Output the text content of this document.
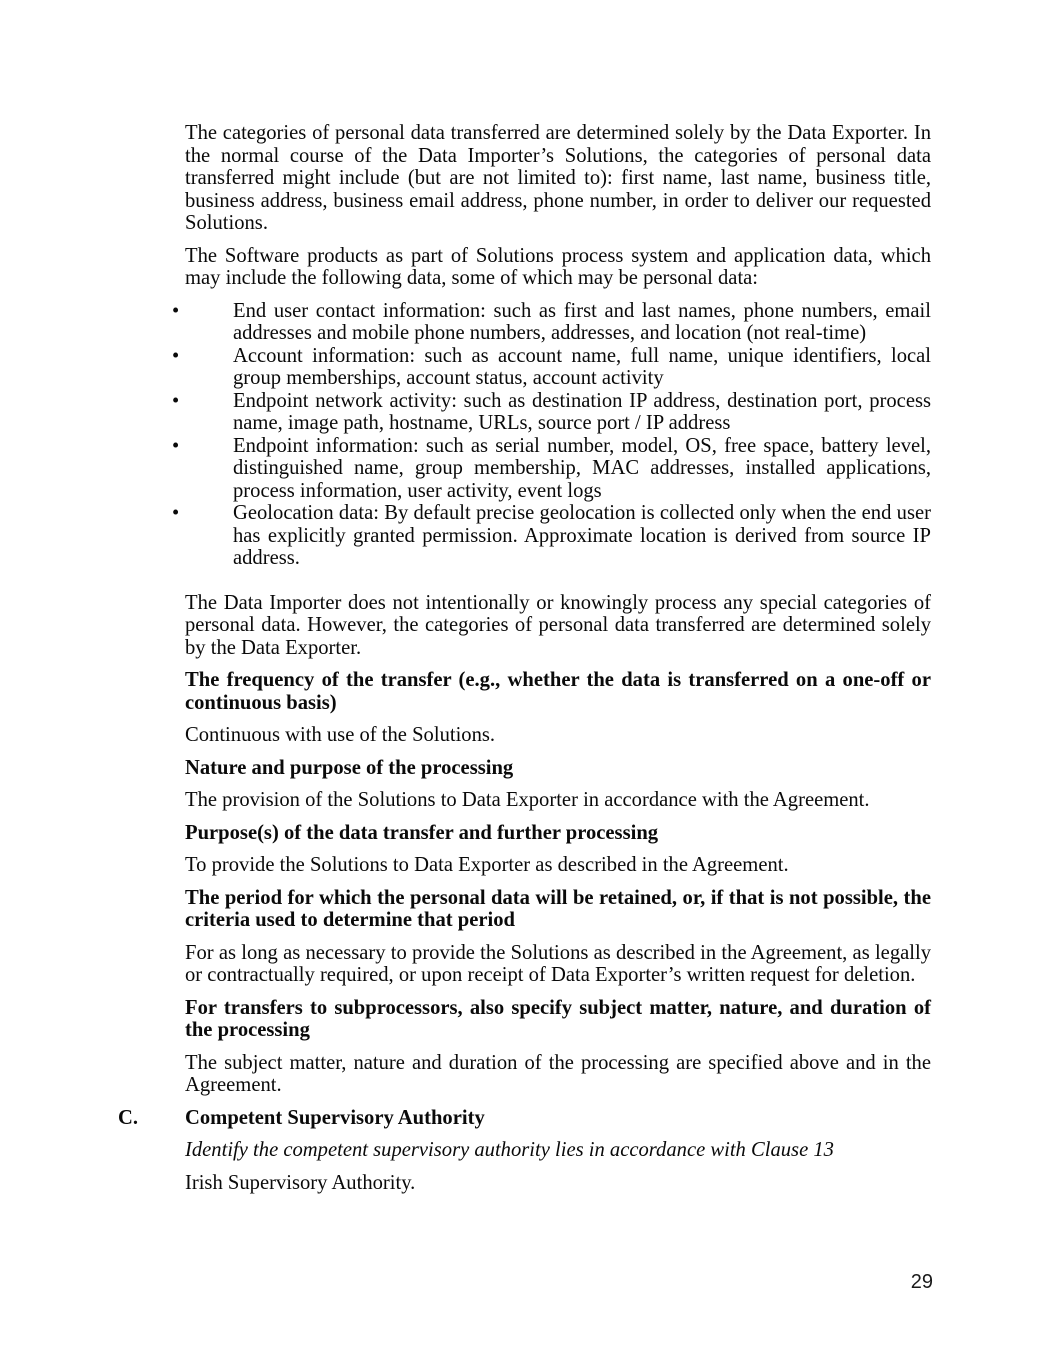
The categories of personal data transferred are determined solely by the Data Exporter. In the normal course of the Data Importer’s Solutions, the categories of personal data transferred might include (but are not limited to): first name, last name, business title, business address, business email address, phone number, in order to deliver our requested Solutions.

The Software products as part of Solutions process system and application data, which may include the following data, some of which may be personal data:

•	End user contact information: such as first and last names, phone numbers, email addresses and mobile phone numbers, addresses, and location (not real-time)
•	Account information: such as account name, full name, unique identifiers, local group memberships, account status, account activity
•	Endpoint network activity: such as destination IP address, destination port, process name, image path, hostname, URLs, source port / IP address
•	Endpoint information: such as serial number, model, OS, free space, battery level, distinguished name, group membership, MAC addresses, installed applications, process information, user activity, event logs
•	Geolocation data: By default precise geolocation is collected only when the end user has explicitly granted permission. Approximate location is derived from source IP address.

The Data Importer does not intentionally or knowingly process any special categories of personal data. However, the categories of personal data transferred are determined solely by the Data Exporter.

The frequency of the transfer (e.g., whether the data is transferred on a one-off or continuous basis)

Continuous with use of the Solutions.

Nature and purpose of the processing

The provision of the Solutions to Data Exporter in accordance with the Agreement.

Purpose(s) of the data transfer and further processing

To provide the Solutions to Data Exporter as described in the Agreement.

The period for which the personal data will be retained, or, if that is not possible, the criteria used to determine that period

For as long as necessary to provide the Solutions as described in the Agreement, as legally or contractually required, or upon receipt of Data Exporter’s written request for deletion.

For transfers to subprocessors, also specify subject matter, nature, and duration of the processing

The subject matter, nature and duration of the processing are specified above and in the Agreement.

C. Competent Supervisory Authority

Identify the competent supervisory authority lies in accordance with Clause 13

Irish Supervisory Authority.

29
